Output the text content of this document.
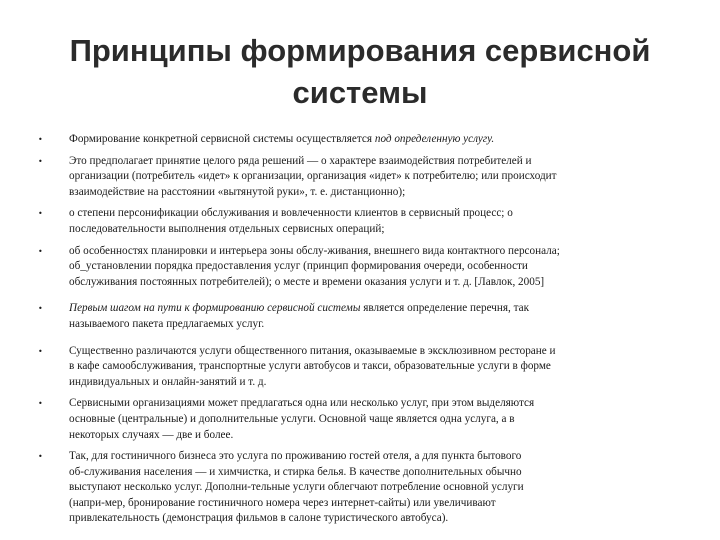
Принципы формирования сервисной
системы
• Формирование конкретной сервисной системы осуществляется под определенную услугу.
• Это предполагает принятие целого ряда решений — о характере взаимодействия потребителей и
организации (потребитель «идет» к организации, организация «идет» к потребителю; или происходит
взаимодействие на расстоянии «вытянутой руки», т. е. дистанционно);
• о степени персонификации обслуживания и вовлеченности клиентов в сервисный процесс; о
последовательности выполнения отдельных сервисных операций;
• об особенностях планировки и интерьера зоны обслу-живания, внешнего вида контактного персонала;
об_установлении порядка предоставления услуг (принцип формирования очереди, особенности
обслуживания постоянных потребителей); о месте и времени оказания услуги и т. д. [Лавлок, 2005]
• Первым шагом на пути к формированию сервисной системы является определение перечня, так
называемого пакета предлагаемых услуг.
• Существенно различаются услуги общественного питания, оказываемые в эксклюзивном ресторане и
в кафе самообслуживания, транспортные услуги автобусов и такси, образовательные услуги в форме
индивидуальных и онлайн-занятий и т. д.
• Сервисными организациями может предлагаться одна или несколько услуг, при этом выделяются
основные (центральные) и дополнительные услуги. Основной чаще является одна услуга, а в
некоторых случаях — две и более.
• Так, для гостиничного бизнеса это услуга по проживанию гостей отеля, а для пункта бытового
об-служивания населения — и химчистка, и стирка белья. В качестве дополнительных обычно
выступают несколько услуг. Дополни-тельные услуги облегчают потребление основной услуги
(напри-мер, бронирование гостиничного номера через интернет-сайты) или увеличивают
привлекательность (демонстрация фильмов в салоне туристического автобуса).
